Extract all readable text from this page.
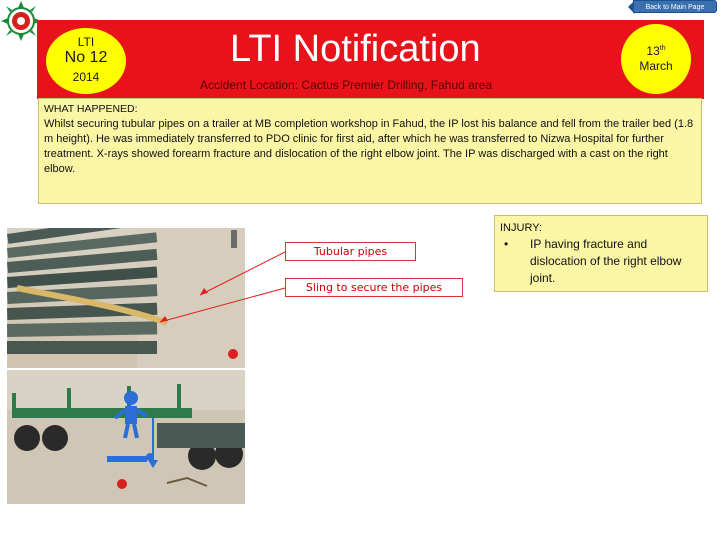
Back to Main Page
LTI
No 12
2014
LTI Notification
Accident Location: Cactus Premier Drilling, Fahud area
13th
March
WHAT HAPPENED:
Whilst securing tubular pipes on a trailer at MB completion workshop in Fahud, the IP lost his balance and fell from the trailer bed (1.8 m height). He was immediately transferred to PDO clinic for first aid, after which he was transferred to Nizwa Hospital for further treatment. X-rays showed forearm fracture and dislocation of the right elbow joint. The IP was discharged with a cast on the right elbow.
Tubular pipes
Sling to secure the pipes
INJURY:
•	IP having fracture and dislocation of the right elbow joint.
